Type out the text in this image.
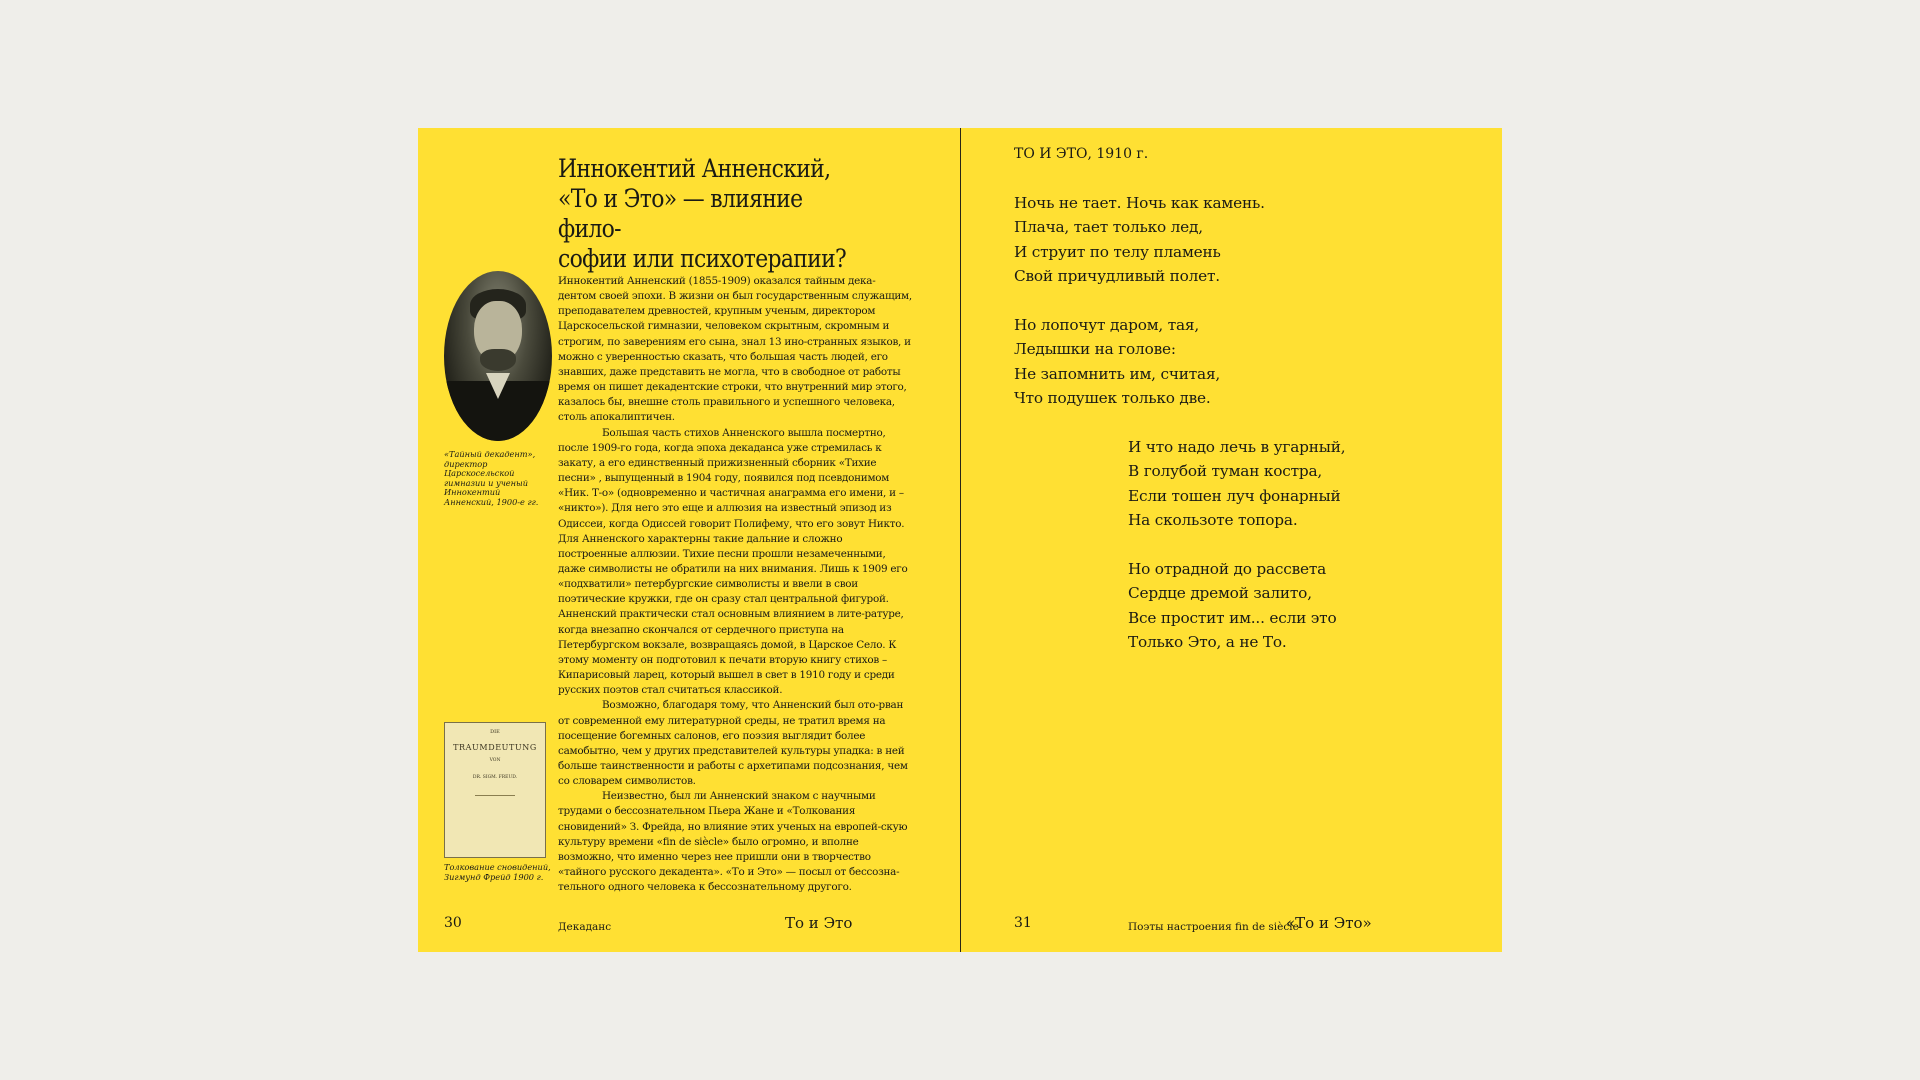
Иннокентий Анненский,
«То и Это» — влияние фило-
софии или психотерапии?

«Тайный декадент», директор Царскосельской гимназии и ученый Иннокентий Анненский, 1900-е гг.

DIE
TRAUMDEUTUNG
VON
DR. SIGM. FREUD.

Толкование сновидений, Зигмунд Фрейд 1900 г.

Иннокентий Анненский (1855-1909) оказался тайным дека-дентом своей эпохи. В жизни он был государственным служащим, преподавателем древностей, крупным ученым, директором Царскосельской гимназии, человеком скрытным, скромным и строгим, по заверениям его сына, знал 13 ино-странных языков, и можно с уверенностью сказать, что большая часть людей, его знавших, даже представить не могла, что в свободное от работы время он пишет декадентские строки, что внутренний мир этого, казалось бы, внешне столь правильного и успешного человека, столь апокалиптичен.

Большая часть стихов Анненского вышла посмертно, после 1909-го года, когда эпоха декаданса уже стремилась к закату, а его единственный прижизненный сборник «Тихие песни» , выпущенный в 1904 году, появился под псевдонимом «Ник. Т-о» (одновременно и частичная анаграмма его имени, и – «никто»). Для него это еще и аллюзия на известный эпизод из Одиссеи, когда Одиссей говорит Полифему, что его зовут Никто. Для Анненского характерны такие дальние и сложно построенные аллюзии. Тихие песни прошли незамеченными, даже символисты не обратили на них внимания. Лишь к 1909 его «подхватили» петербургские символисты и ввели в свои поэтические кружки, где он сразу стал центральной фигурой. Анненский практически стал основным влиянием в лите-ратуре, когда внезапно скончался от сердечного приступа на Петербургском вокзале, возвращаясь домой, в Царское Село. К этому моменту он подготовил к печати вторую книгу стихов – Кипарисовый ларец, который вышел в свет в 1910 году и среди русских поэтов стал считаться классикой.

Возможно, благодаря тому, что Анненский был ото-рван от современной ему литературной среды, не тратил время на посещение богемных салонов, его поэзия выглядит более самобытно, чем у других представителей культуры упадка: в ней больше таинственности и работы с архетипами подсознания, чем со словарем символистов.

Неизвестно, был ли Анненский знаком с научными трудами о бессознательном Пьера Жане и «Толкования сновидений» З. Фрейда, но влияние этих ученых на европей-скую культуру времени «fin de siècle» было огромно, и вполне возможно, что именно через нее пришли они в творчество «тайного русского декадента». «То и Это» — посыл от бессозна-тельного одного человека к бессознательному другого.

30	Декаданс	То и Это

ТО И ЭТО, 1910 г.

Ночь не тает. Ночь как камень.
Плача, тает только лед,
И струит по телу пламень
Свой причудливый полет.
Но лопочут даром, тая,
Ледышки на голове:
Не запомнить им, считая,
Что подушек только две.
И что надо лечь в угарный,
В голубой туман костра,
Если тошен луч фонарный
На скользоте топора.
Но отрадной до рассвета
Сердце дремой залито,
Все простит им... если это
Только Это, а не То.

31	Поэты настроения fin de siècle

«То и Это»
